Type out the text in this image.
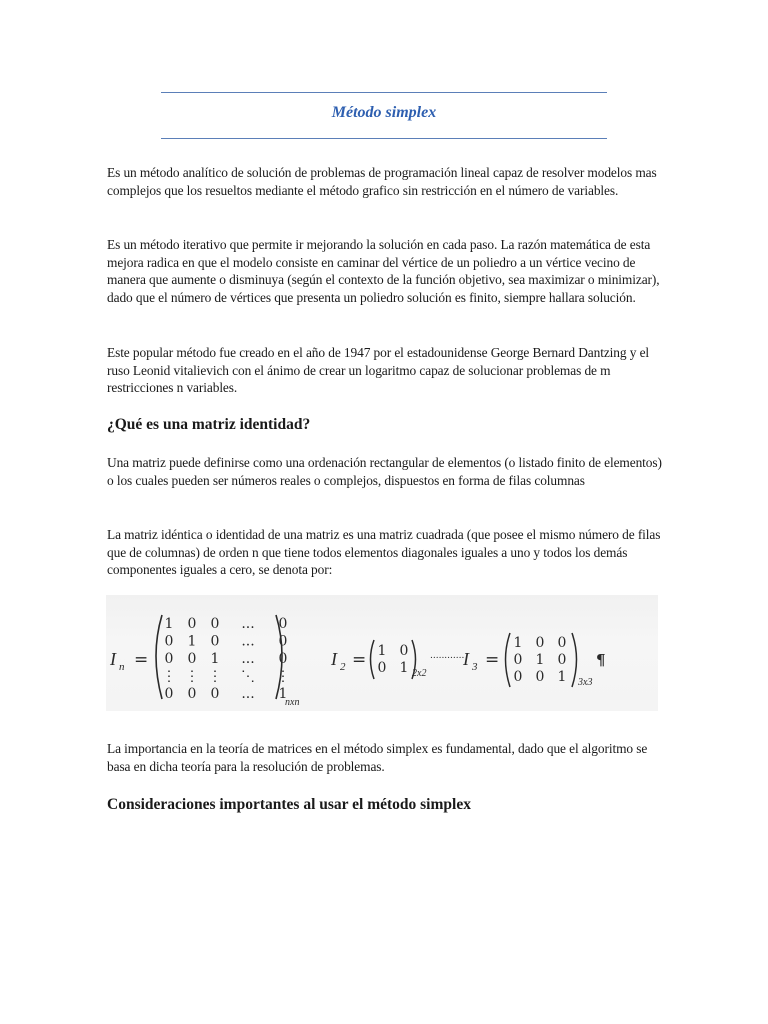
Método simplex
Es un método analítico de solución de problemas de programación lineal capaz de resolver modelos mas complejos que los resueltos mediante el método grafico sin restricción en el número de variables.
Es un método iterativo que permite ir mejorando la solución en cada paso. La razón matemática de esta mejora radica en que el modelo consiste en caminar del vértice de un poliedro a un vértice vecino de manera que aumente o disminuya (según el contexto de la función objetivo, sea maximizar o minimizar), dado que el número de vértices que presenta un poliedro solución es finito, siempre hallara solución.
Este popular método fue creado en el año de 1947 por el estadounidense George Bernard Dantzing y el ruso Leonid vitalievich con el ánimo de crear un logaritmo capaz de solucionar problemas de m restricciones n variables.
¿Qué es una matriz identidad?
Una matriz puede definirse como una ordenación rectangular de elementos (o listado finito de elementos) o los cuales pueden ser números reales o complejos, dispuestos en forma de filas columnas
La matriz idéntica o identidad de una matriz es una matriz cuadrada (que posee el mismo número de filas que de columnas) de orden n que tiene todos elementos diagonales iguales a uno y todos los demás componentes iguales a cero, se denota por:
I n =
1 0 0 ... 0
0 1 0 ... 0
0 0 1 ... 0
⋮ ⋮ ⋮ ⋱ ⋮
0 0 0 ... 1
nxn
I 2 = 1 0
0 1 2x2
............
I 3 =
1 0 0
0 1 0
0 0 1 3x3
¶
La importancia en la teoría de matrices en el método simplex es fundamental, dado que el algoritmo se basa en dicha teoría para la resolución de problemas.
Consideraciones importantes al usar el método simplex
